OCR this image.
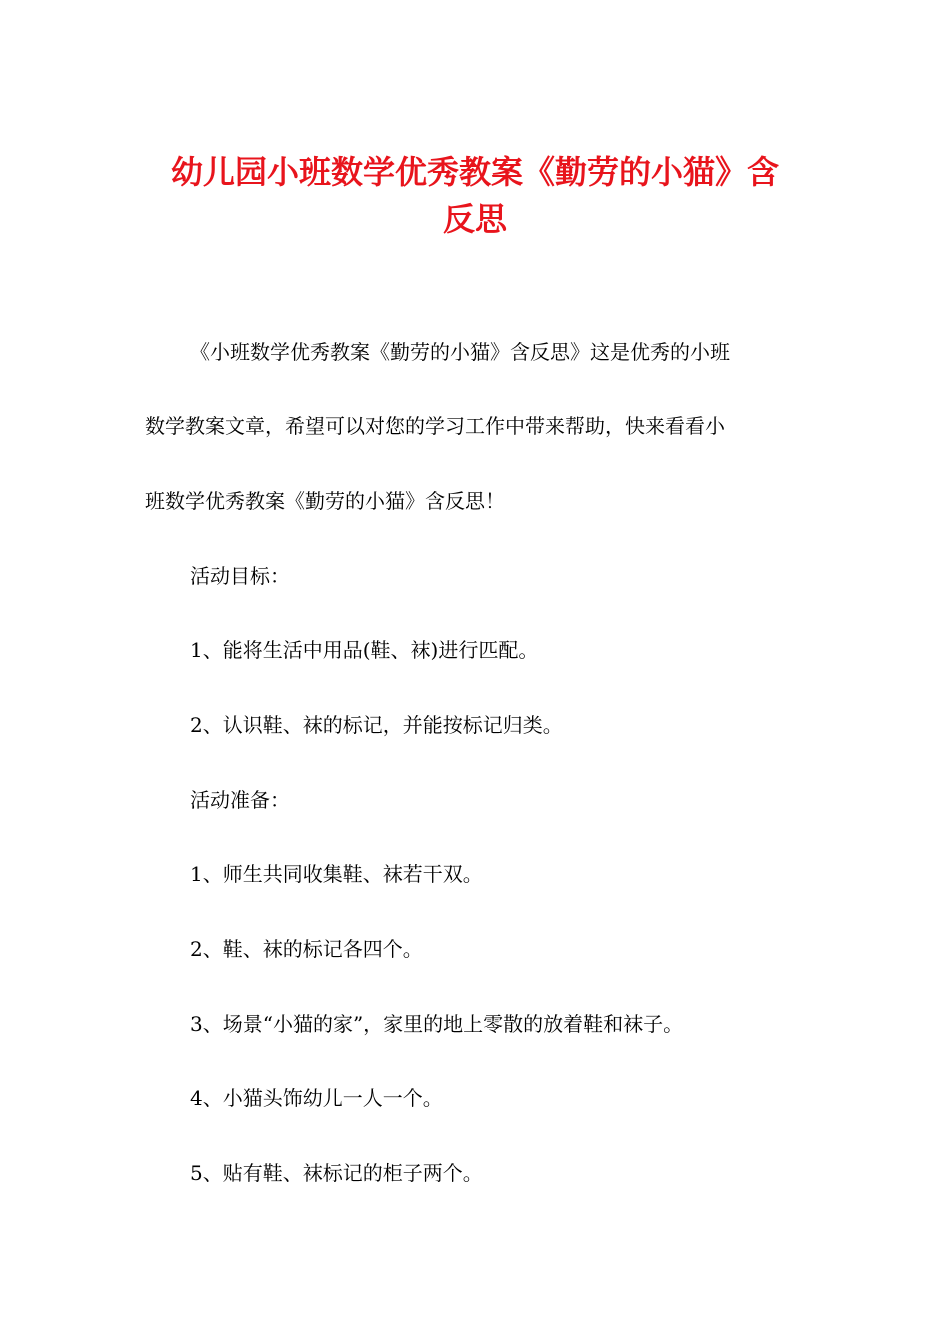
幼儿园小班数学优秀教案《勤劳的小猫》含
反思

《小班数学优秀教案《勤劳的小猫》含反思》这是优秀的小班

数学教案文章，希望可以对您的学习工作中带来帮助，快来看看小

班数学优秀教案《勤劳的小猫》含反思！

活动目标：

1、能将生活中用品(鞋、袜)进行匹配。

2、认识鞋、袜的标记，并能按标记归类。

活动准备：

1、师生共同收集鞋、袜若干双。

2、鞋、袜的标记各四个。

3、场景“小猫的家”，家里的地上零散的放着鞋和袜子。

4、小猫头饰幼儿一人一个。

5、贴有鞋、袜标记的柜子两个。
